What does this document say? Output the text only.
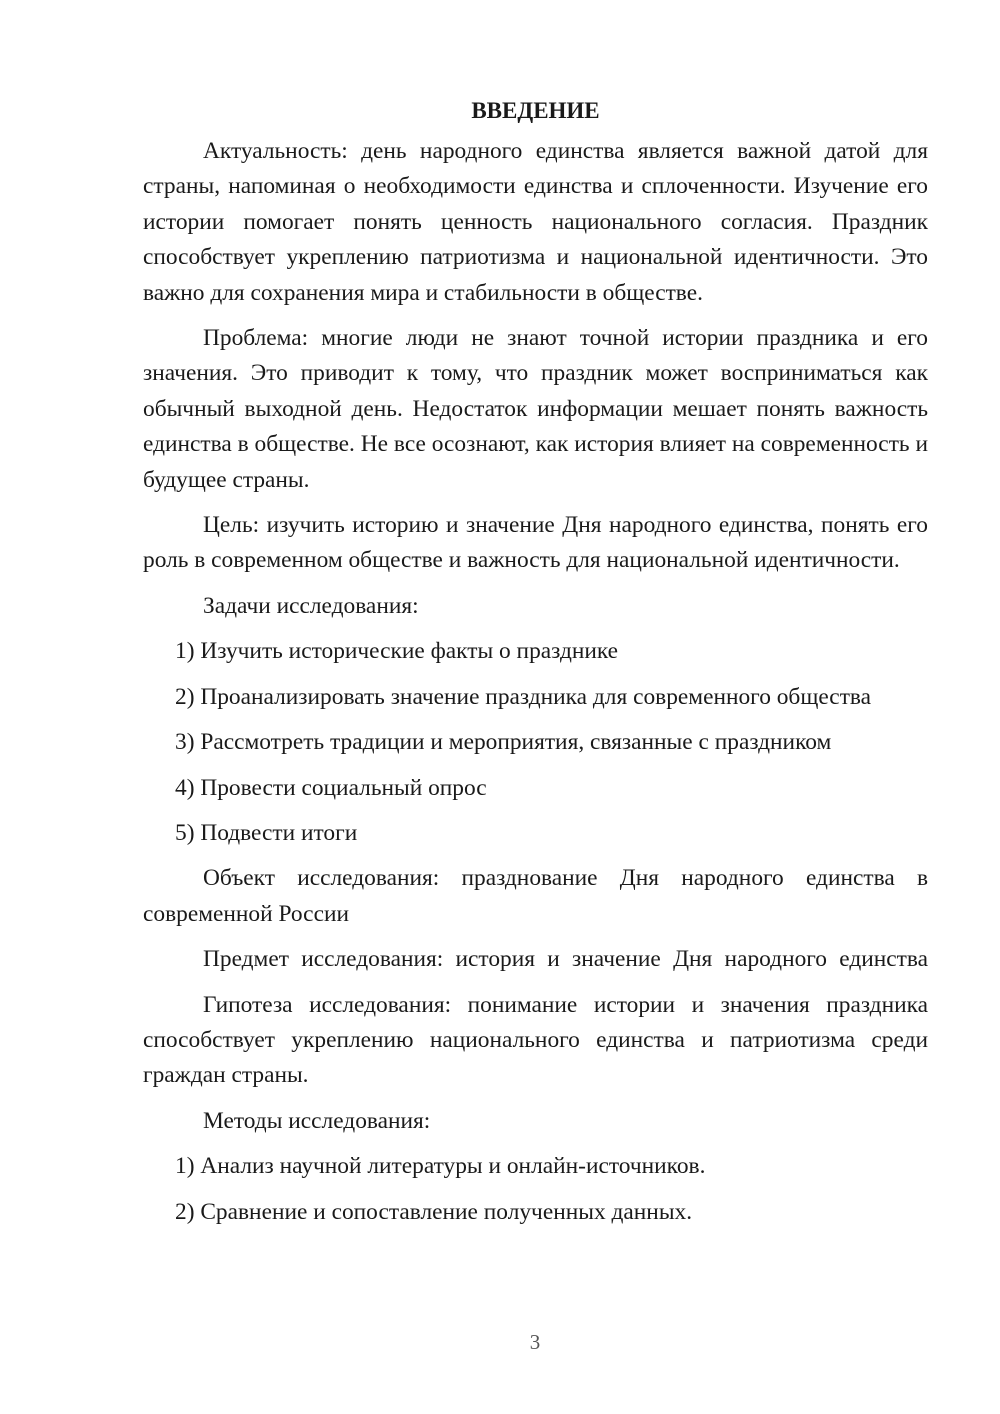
ВВЕДЕНИЕ
Актуальность: день народного единства является важной датой для страны, напоминая о необходимости единства и сплоченности. Изучение его истории помогает понять ценность национального согласия. Праздник способствует укреплению патриотизма и национальной идентичности. Это важно для сохранения мира и стабильности в обществе.
Проблема: многие люди не знают точной истории праздника и его значения. Это приводит к тому, что праздник может восприниматься как обычный выходной день. Недостаток информации мешает понять важность единства в обществе. Не все осознают, как история влияет на современность и будущее страны.
Цель: изучить историю и значение Дня народного единства, понять его роль в современном обществе и важность для национальной идентичности.
Задачи исследования:
1) Изучить исторические факты о празднике
2) Проанализировать значение праздника для современного общества
3) Рассмотреть традиции и мероприятия, связанные с праздником
4) Провести социальный опрос
5) Подвести итоги
Объект исследования: празднование Дня народного единства в современной России
Предмет исследования: история и значение Дня народного единства
Гипотеза исследования: понимание истории и значения праздника способствует укреплению национального единства и патриотизма среди граждан страны.
Методы исследования:
1) Анализ научной литературы и онлайн-источников.
2) Сравнение и сопоставление полученных данных.
3
